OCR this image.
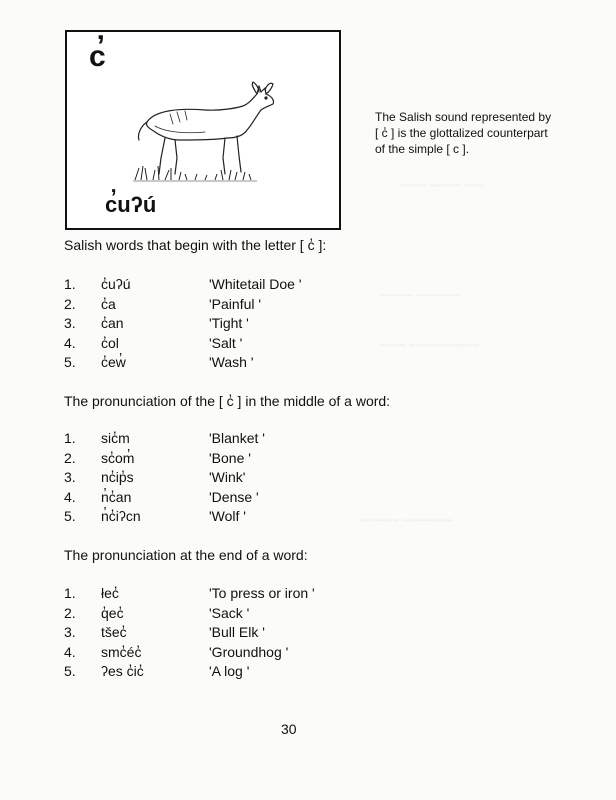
~~~~ ~~~~~ ~~~
~~~~~ ~~~~~~~
~~~~ ~~~~~~~~~~~
~~~~~~ ~~~~~~~~
c̓
c̓uʔú
The Salish sound represented by [ c̓ ] is the glottalized counterpart of the simple [ c ].
Salish words that begin with the letter [ c̓ ]:
1. c̓uʔú	'Whitetail Doe '
2. c̓a	'Painful '
3. c̓an	'Tight '
4. c̓ol	'Salt '
5. c̓ew̓	'Wash '
The pronunciation of the [ c̓ ] in the middle of a word:
1. sic̓m	'Blanket '
2. sc̓om̓	'Bone '
3. nc̓ip̓s	'Wink'
4. n̓c̓an	'Dense '
5. n̓c̓iʔcn	'Wolf '
The pronunciation at the end of a word:
1. łec̓	'To press or iron '
2. q̓ec̓	'Sack '
3. tšec̓	'Bull Elk '
4. smc̓éc̓	'Groundhog '
5. ʔes c̓ic̓	'A log '
30
